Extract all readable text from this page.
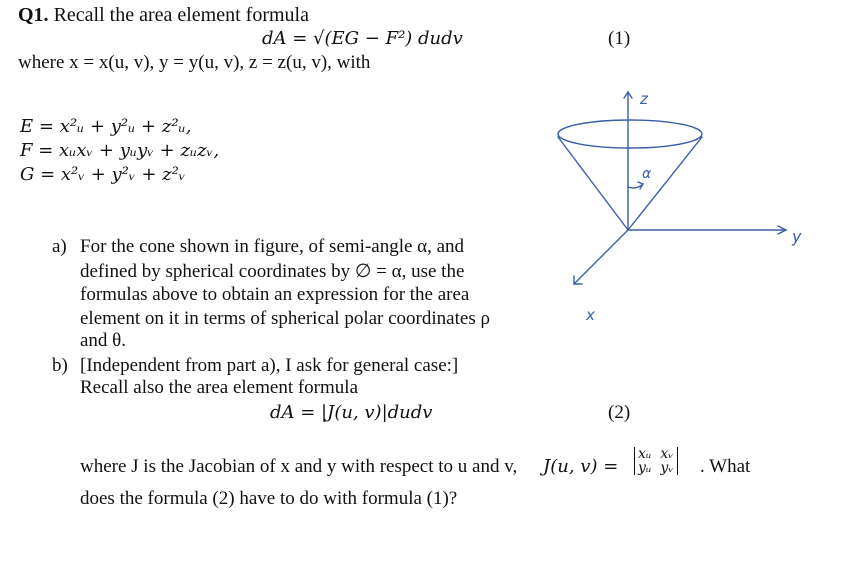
Q1. Recall the area element formula
dA = √(EG − F²) dudv	(1)
where x = x(u, v), y = y(u, v), z = z(u, v), with
E = x²ᵤ + y²ᵤ + z²ᵤ,
F = xᵤxᵥ + yᵤyᵥ + zᵤzᵥ,
G = x²ᵥ + y²ᵥ + z²ᵥ
a) For the cone shown in figure, of semi-angle α, and
defined by spherical coordinates by ∅ = α, use the
formulas above to obtain an expression for the area
element on it in terms of spherical polar coordinates ρ
and θ.
b) [Independent from part a), I ask for general case:]
Recall also the area element formula
dA = |J(u, v)|dudv	(2)
where J is the Jacobian of x and y with respect to u and v, J(u, v) =
xᵤ xᵥ
yᵤ yᵥ . What
does the formula (2) have to do with formula (1)?
z
y
x
α
